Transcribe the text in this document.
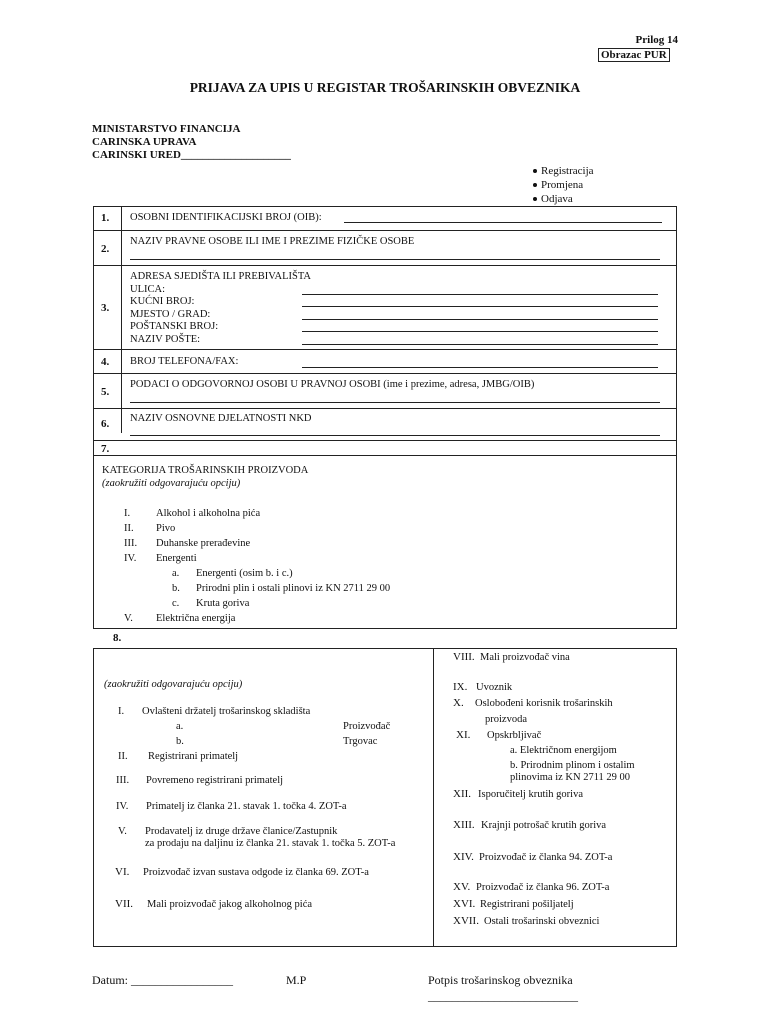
Prilog 14
Obrazac PUR
PRIJAVA ZA UPIS U REGISTAR TROŠARINSKIH OBVEZNIKA
MINISTARSTVO FINANCIJA
CARINSKA UPRAVA
CARINSKI URED____________________
Registracija
Promjena
Odjava
1. OSOBNI IDENTIFIKACIJSKI BROJ (OIB):
2.
NAZIV PRAVNE OSOBE ILI IME I PREZIME FIZIČKE OSOBE
3.
ADRESA SJEDIŠTA ILI PREBIVALIŠTA
ULICA:
KUĆNI BROJ:
MJESTO / GRAD:
POŠTANSKI BROJ:
NAZIV POŠTE:
4. BROJ TELEFONA/FAX:
5.
PODACI O ODGOVORNOJ OSOBI U PRAVNOJ OSOBI (ime i prezime, adresa, JMBG/OIB)
6. NAZIV OSNOVNE DJELATNOSTI NKD
7.
KATEGORIJA TROŠARINSKIH PROIZVODA
(zaokružiti odgovarajuću opciju)
I. Alkohol i alkoholna pića
II. Pivo
III. Duhanske prerađevine
IV. Energenti
a. Energenti (osim b. i c.)
b. Prirodni plin i ostali plinovi iz KN 2711 29 00
c. Kruta goriva
V. Električna energija
8.
(zaokružiti odgovarajuću opciju)
I. Ovlašteni držatelj trošarinskog skladišta
a.	Proizvođač
b.	Trgovac
II. Registrirani primatelj
III. Povremeno registrirani primatelj
IV. Primatelj iz članka 21. stavak 1. točka 4. ZOT-a
V. Prodavatelj iz druge države članice/Zastupnik
za prodaju na daljinu iz članka 21. stavak 1. točka 5. ZOT-a
VI. Proizvođač izvan sustava odgode iz članka 69. ZOT-a
VII. Mali proizvođač jakog alkoholnog pića
VIII. Mali proizvođač vina
IX. Uvoznik
X. Oslobođeni korisnik trošarinskih
proizvoda
XI. Opskrbljivač
a. Električnom energijom
b. Prirodnim plinom i ostalim
plinovima iz KN 2711 29 00
XII. Isporučitelj krutih goriva
XIII. Krajnji potrošač krutih goriva
XIV. Proizvođač iz članka 94. ZOT-a
XV. Proizvođač iz članka 96. ZOT-a
XVI. Registrirani pošiljatelj
XVII. Ostali trošarinski obveznici
Datum: _________________	M.P	Potpis trošarinskog obveznika
_________________________
